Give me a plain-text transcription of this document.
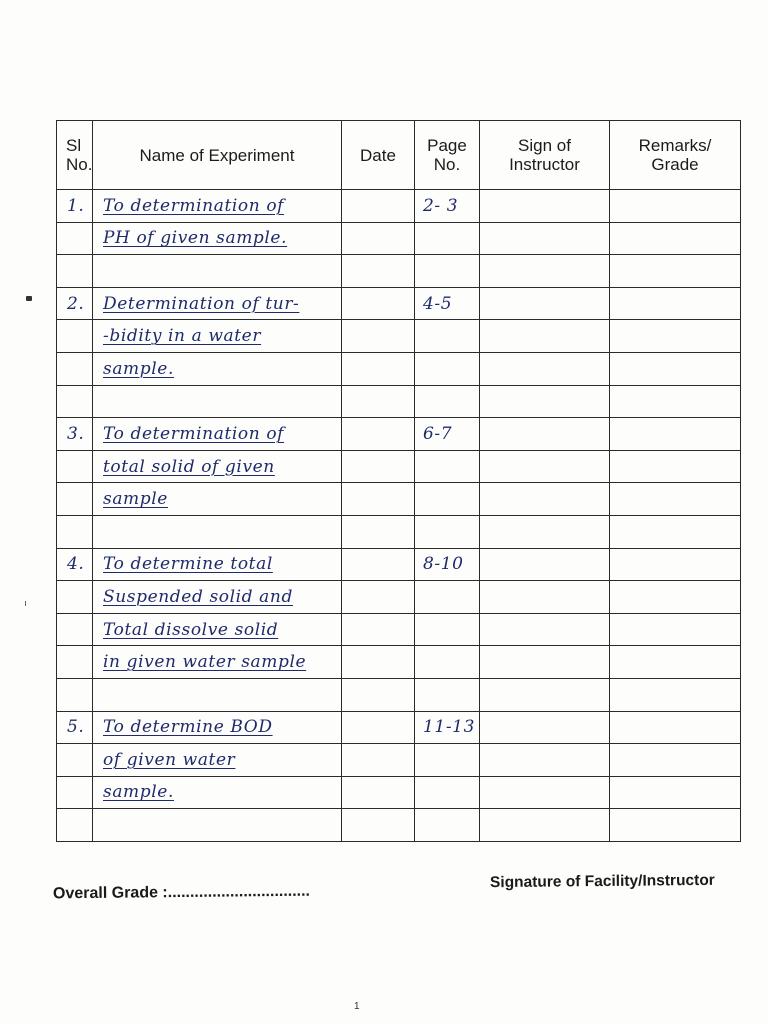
Sl No.	Name of Experiment	Date	Page No.	Sign of Instructor	Remarks/ Grade
1.	To determination of		2- 3		
	PH of given sample.				

2.	Determination of tur-		4-5		
	-bidity in a water				
	sample.				

3.	To determination of		6-7		
	total solid of given				
	sample				

4.	To determine total		8-10		
	Suspended solid and				
	Total dissolve solid				
	in given water sample				

5.	To determine BOD		11-13		
	of given water				
	sample.				

Overall Grade :................................
Signature of Facility/Instructor
1
